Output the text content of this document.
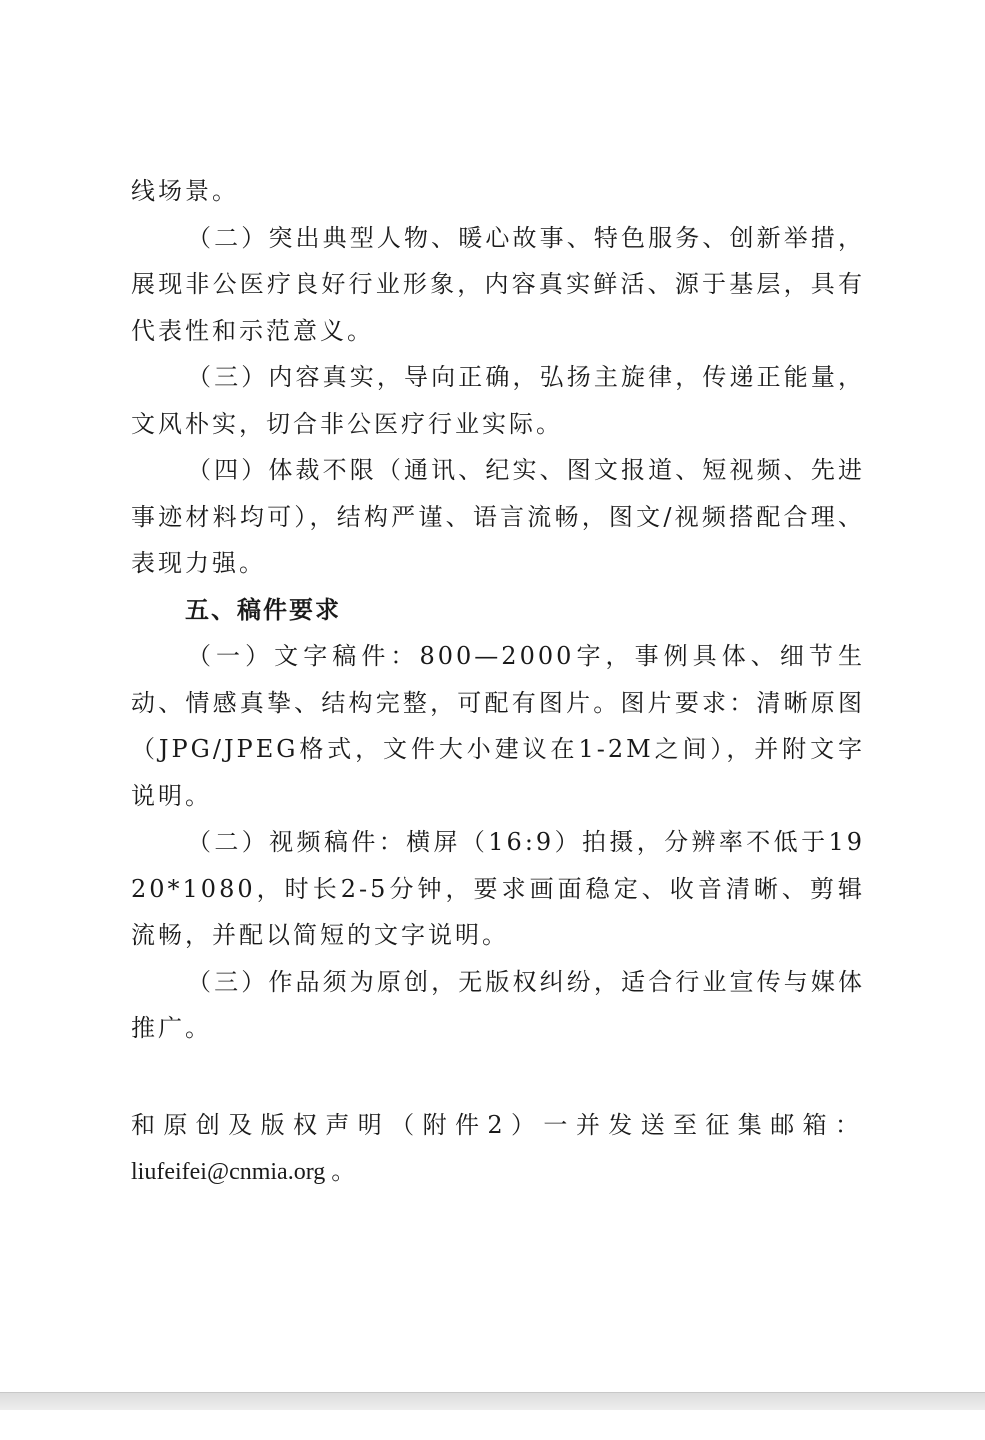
线场景。

（二）突出典型人物、暖心故事、特色服务、创新举措，展现非公医疗良好行业形象，内容真实鲜活、源于基层，具有代表性和示范意义。

（三）内容真实，导向正确，弘扬主旋律，传递正能量，文风朴实，切合非公医疗行业实际。

（四）体裁不限（通讯、纪实、图文报道、短视频、先进事迹材料均可），结构严谨、语言流畅，图文/视频搭配合理、表现力强。

五、稿件要求

（一）文字稿件：800—2000字，事例具体、细节生动、情感真挚、结构完整，可配有图片。图片要求：清晰原图（JPG/JPEG格式，文件大小建议在1-2M之间），并附文字说明。

（二）视频稿件：横屏（16:9）拍摄，分辨率不低于1920*1080，时长2-5分钟，要求画面稳定、收音清晰、剪辑流畅，并配以简短的文字说明。

（三）作品须为原创，无版权纠纷，适合行业宣传与媒体推广。

和原创及版权声明（附件2）一并发送至征集邮箱：

liufeifei@cnmia.org 。
